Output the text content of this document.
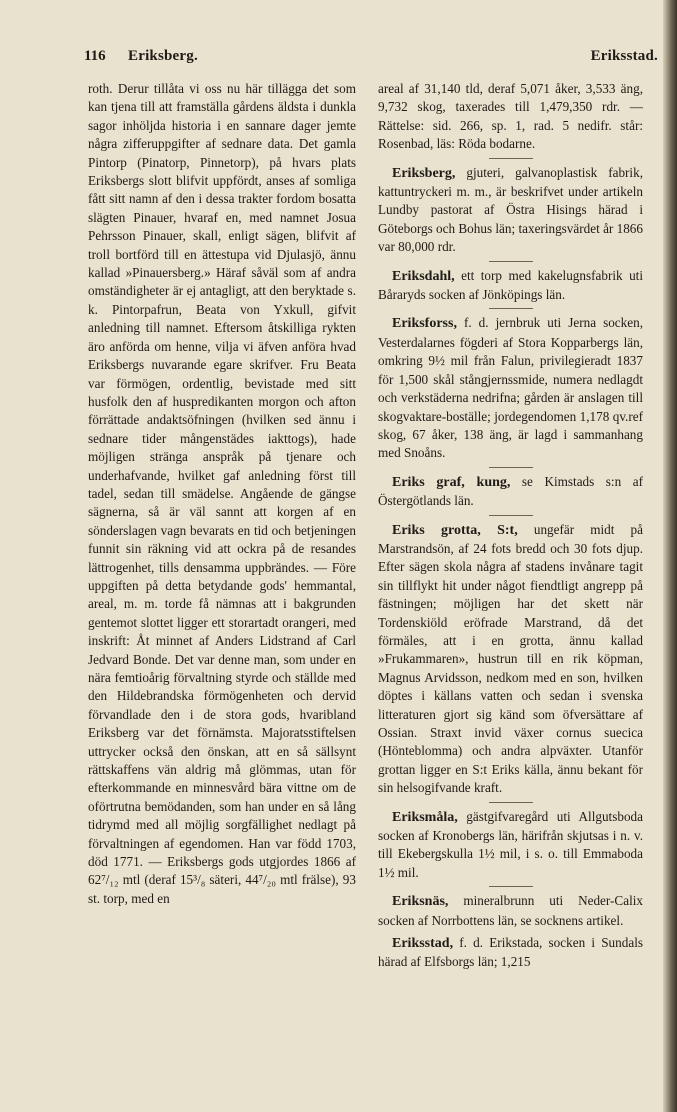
116 Eriksberg.	Eriksstad.

roth. Derur tillåta vi oss nu här tillägga det som kan tjena till att framställa gårdens äldsta i dunkla sagor inhöljda historia i en sannare dager jemte några zifferuppgifter af sednare data. Det gamla Pintorp (Pinatorp, Pinnetorp), på hvars plats Eriksbergs slott blifvit uppfördt, anses af somliga fått sitt namn af den i dessa trakter fordom bosatta slägten Pinauer, hvaraf en, med namnet Josua Pehrsson Pinauer, skall, enligt sägen, blifvit af troll bortförd till en ättestupa vid Djulasjö, ännu kallad »Pinauersberg.» Häraf såväl som af andra omständigheter är ej antagligt, att den beryktade s. k. Pintorpafrun, Beata von Yxkull, gifvit anledning till namnet. Eftersom åtskilliga rykten äro anförda om henne, vilja vi äfven anföra hvad Eriksbergs nuvarande egare skrifver. Fru Beata var förmögen, ordentlig, bevistade med sitt husfolk den af huspredikanten morgon och afton förrättade andaktsöfningen (hvilken sed ännu i sednare tider mångenstädes iakttogs), hade möjligen stränga anspråk på tjenare och underhafvande, hvilket gaf anledning först till tadel, sedan till smädelse. Angående de gängse sägnerna, så är väl sannt att korgen af en sönderslagen vagn bevarats en tid och betjeningen funnit sin räkning vid att ockra på de resandes lättrogenhet, tills densamma uppbrändes. — Före uppgiften på detta betydande gods' hemmantal, areal, m. m. torde få nämnas att i bakgrunden gentemot slottet ligger ett storartadt orangeri, med inskrift: Åt minnet af Anders Lidstrand af Carl Jedvard Bonde. Det var denne man, som under en nära femtioårig förvaltning styrde och ställde med den Hildebrandska förmögenheten och dervid förvandlade den i de stora gods, hvaribland Eriksberg var det förnämsta. Majoratsstiftelsen uttrycker också den önskan, att en så sällsynt rättskaffens vän aldrig må glömmas, utan för efterkommande en minnesvård bära vittne om de oförtrutna bemödanden, som han under en så lång tidrymd med all möjlig sorgfällighet nedlagt på förvaltningen af egendomen. Han var född 1703, död 1771. — Eriksbergs gods utgjordes 1866 af 62⁷/₁₂ mtl (deraf 15³/₈ säteri, 44⁷/₂₀ mtl frälse), 93 st. torp, med en

areal af 31,140 tld, deraf 5,071 åker, 3,533 äng, 9,732 skog, taxerades till 1,479,350 rdr. — Rättelse: sid. 266, sp. 1, rad. 5 nedifr. står: Rosenbad, läs: Röda bodarne.

Eriksberg, gjuteri, galvanoplastisk fabrik, kattuntryckeri m. m., är beskrifvet under artikeln Lundby pastorat af Östra Hisings härad i Göteborgs och Bohus län; taxeringsvärdet år 1866 var 80,000 rdr.

Eriksdahl, ett torp med kakelugnsfabrik uti Båraryds socken af Jönköpings län.

Eriksforss, f. d. jernbruk uti Jerna socken, Vesterdalarnes fögderi af Stora Kopparbergs län, omkring 9½ mil från Falun, privilegieradt 1837 för 1,500 skål stångjernssmide, numera nedlagdt och verkstäderna nedrifna; gården är anslagen till skogvaktare-boställe; jordegendomen 1,178 qv.ref skog, 67 åker, 138 äng, är lagd i sammanhang med Snoåns.

Eriks graf, kung, se Kimstads s:n af Östergötlands län.

Eriks grotta, S:t, ungefär midt på Marstrandsön, af 24 fots bredd och 30 fots djup. Efter sägen skola några af stadens invånare tagit sin tillflykt hit under något fiendtligt angrepp på fästningen; möjligen har det skett när Tordenskiöld eröfrade Marstrand, då det förmäles, att i en grotta, ännu kallad »Frukammaren», hustrun till en rik köpman, Magnus Arvidsson, nedkom med en son, hvilken döptes i källans vatten och sedan i svenska litteraturen gjort sig känd som öfversättare af Ossian. Straxt invid växer cornus suecica (Hönteblomma) och andra alpväxter. Utanför grottan ligger en S:t Eriks källa, ännu bekant för sin helsogifvande kraft.

Eriksmåla, gästgifvaregård uti Allgutsboda socken af Kronobergs län, härifrån skjutsas i n. v. till Ekebergskulla 1½ mil, i s. o. till Emmaboda 1½ mil.

Eriksnäs, mineralbrunn uti Neder-Calix socken af Norrbottens län, se socknens artikel.

Eriksstad, f. d. Erikstada, socken i Sundals härad af Elfsborgs län; 1,215
